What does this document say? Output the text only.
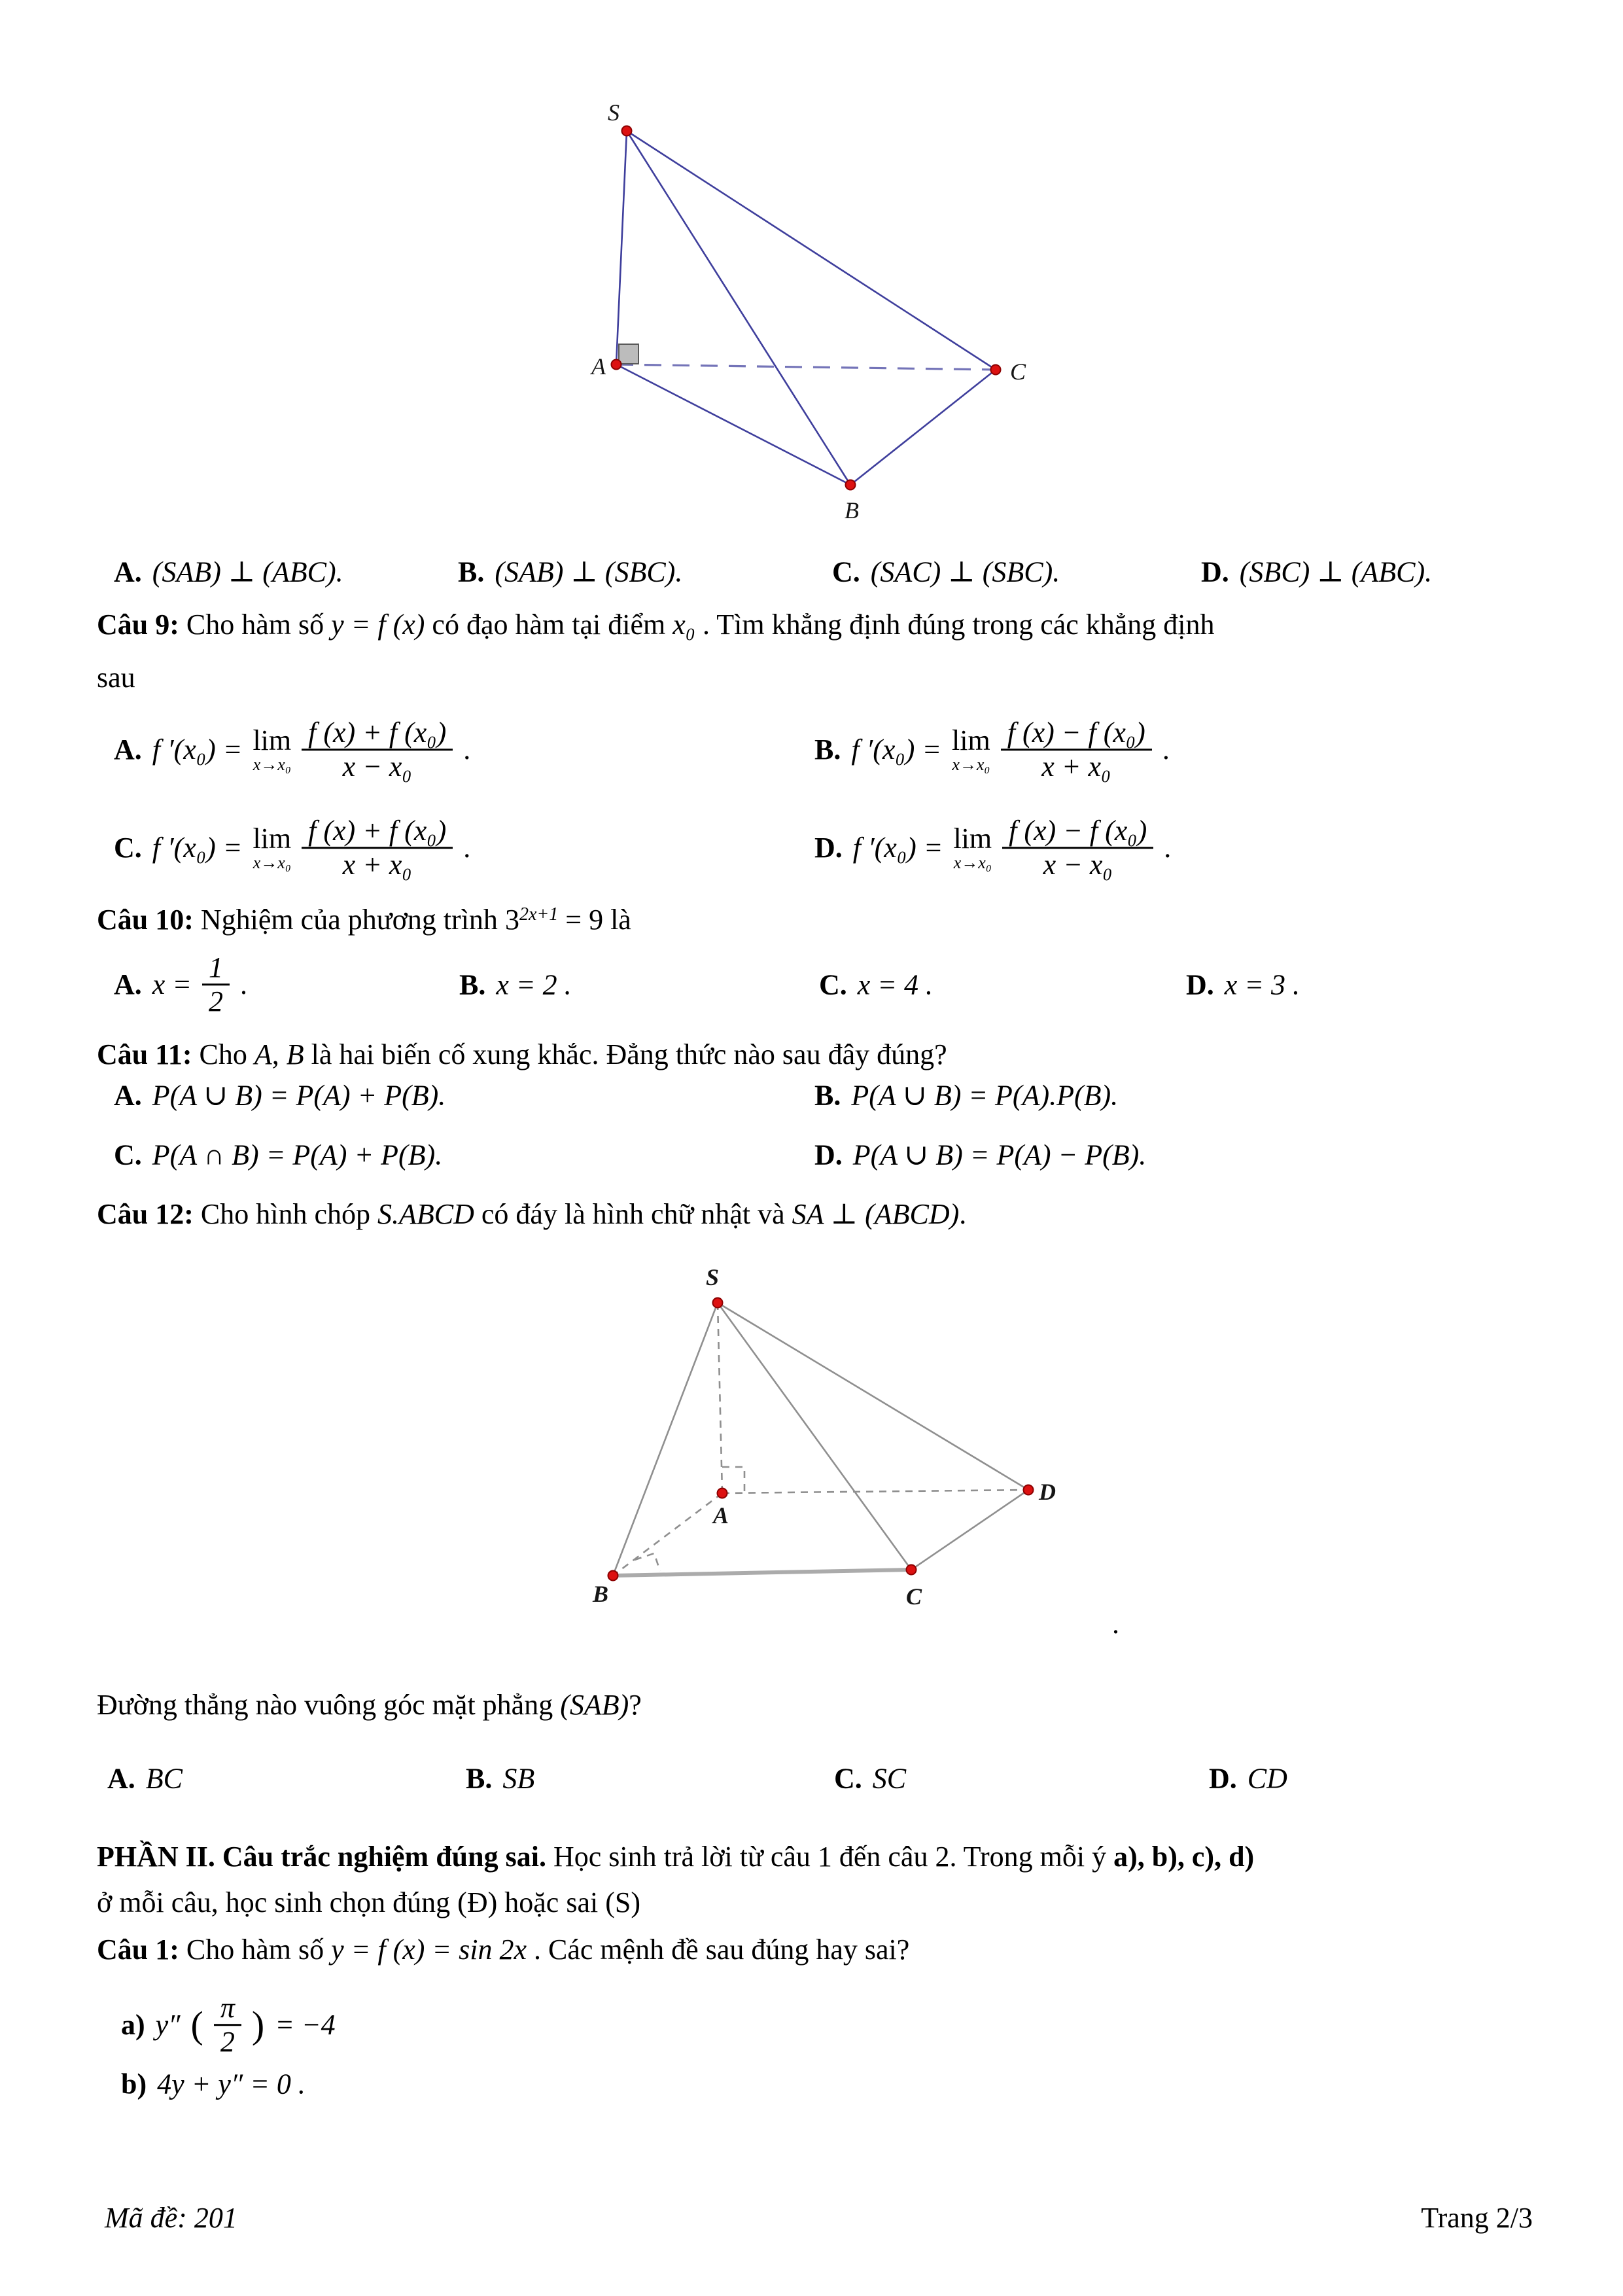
S
A
B
C
A. (SAB) ⊥ (ABC).	B. (SAB) ⊥ (SBC).	C. (SAC) ⊥ (SBC).	D. (SBC) ⊥ (ABC).
Câu 9: Cho hàm số y = f (x) có đạo hàm tại điểm x₀ . Tìm khẳng định đúng trong các khẳng định
sau
A. f ′(x₀) = lim
$x\to x_0 \frac{\text{f (x) + f (x₀)}}{\text{x − x₀}}$ .	B. f ′(x₀) = lim
$x\to x_0 \frac{\text{f (x) − f (x₀)}}{\text{x + x₀}}$ .
C. f ′(x₀) = lim
$x\to x_0 \frac{\text{f (x) + f (x₀)}}{\text{x + x₀}}$ .	D. f ′(x₀) = lim
$x\to x_0 \frac{\text{f (x) − f (x₀)}}{\text{x − x₀}}$ .
Câu 10: Nghiệm của phương trình $3^{2x+1} = 9$ là
A. $x = \frac{1}{2}$ .	B. x = 2 .	C. x = 4 .	D. x = 3 .
Câu 11: Cho A, B là hai biến cố xung khắc. Đẳng thức nào sau đây đúng?
A. P(A ∪ B) = P(A) + P(B).	B. P(A ∪ B) = P(A).P(B).
C. P(A ∩ B) = P(A) + P(B).	D. P(A ∪ B) = P(A) − P(B).
Câu 12: Cho hình chóp S.ABCD có đáy là hình chữ nhật và SA ⊥ (ABCD).
S
A
B	C
D
.
Đường thẳng nào vuông góc mặt phẳng (SAB)?
A. BC	B. SB	C. SC	D. CD
PHẦN II. Câu trắc nghiệm đúng sai. Học sinh trả lời từ câu 1 đến câu 2. Trong mỗi ý a), b), c), d)
ở mỗi câu, học sinh chọn đúng (Đ) hoặc sai (S)
Câu 1: Cho hàm số y = f (x) = sin 2x . Các mệnh đề sau đúng hay sai?
a) y″ ( $\frac{\pi}{2}$ ) = −4
b) 4y + y″ = 0 .
Mã đề: 201	Trang 2/3
